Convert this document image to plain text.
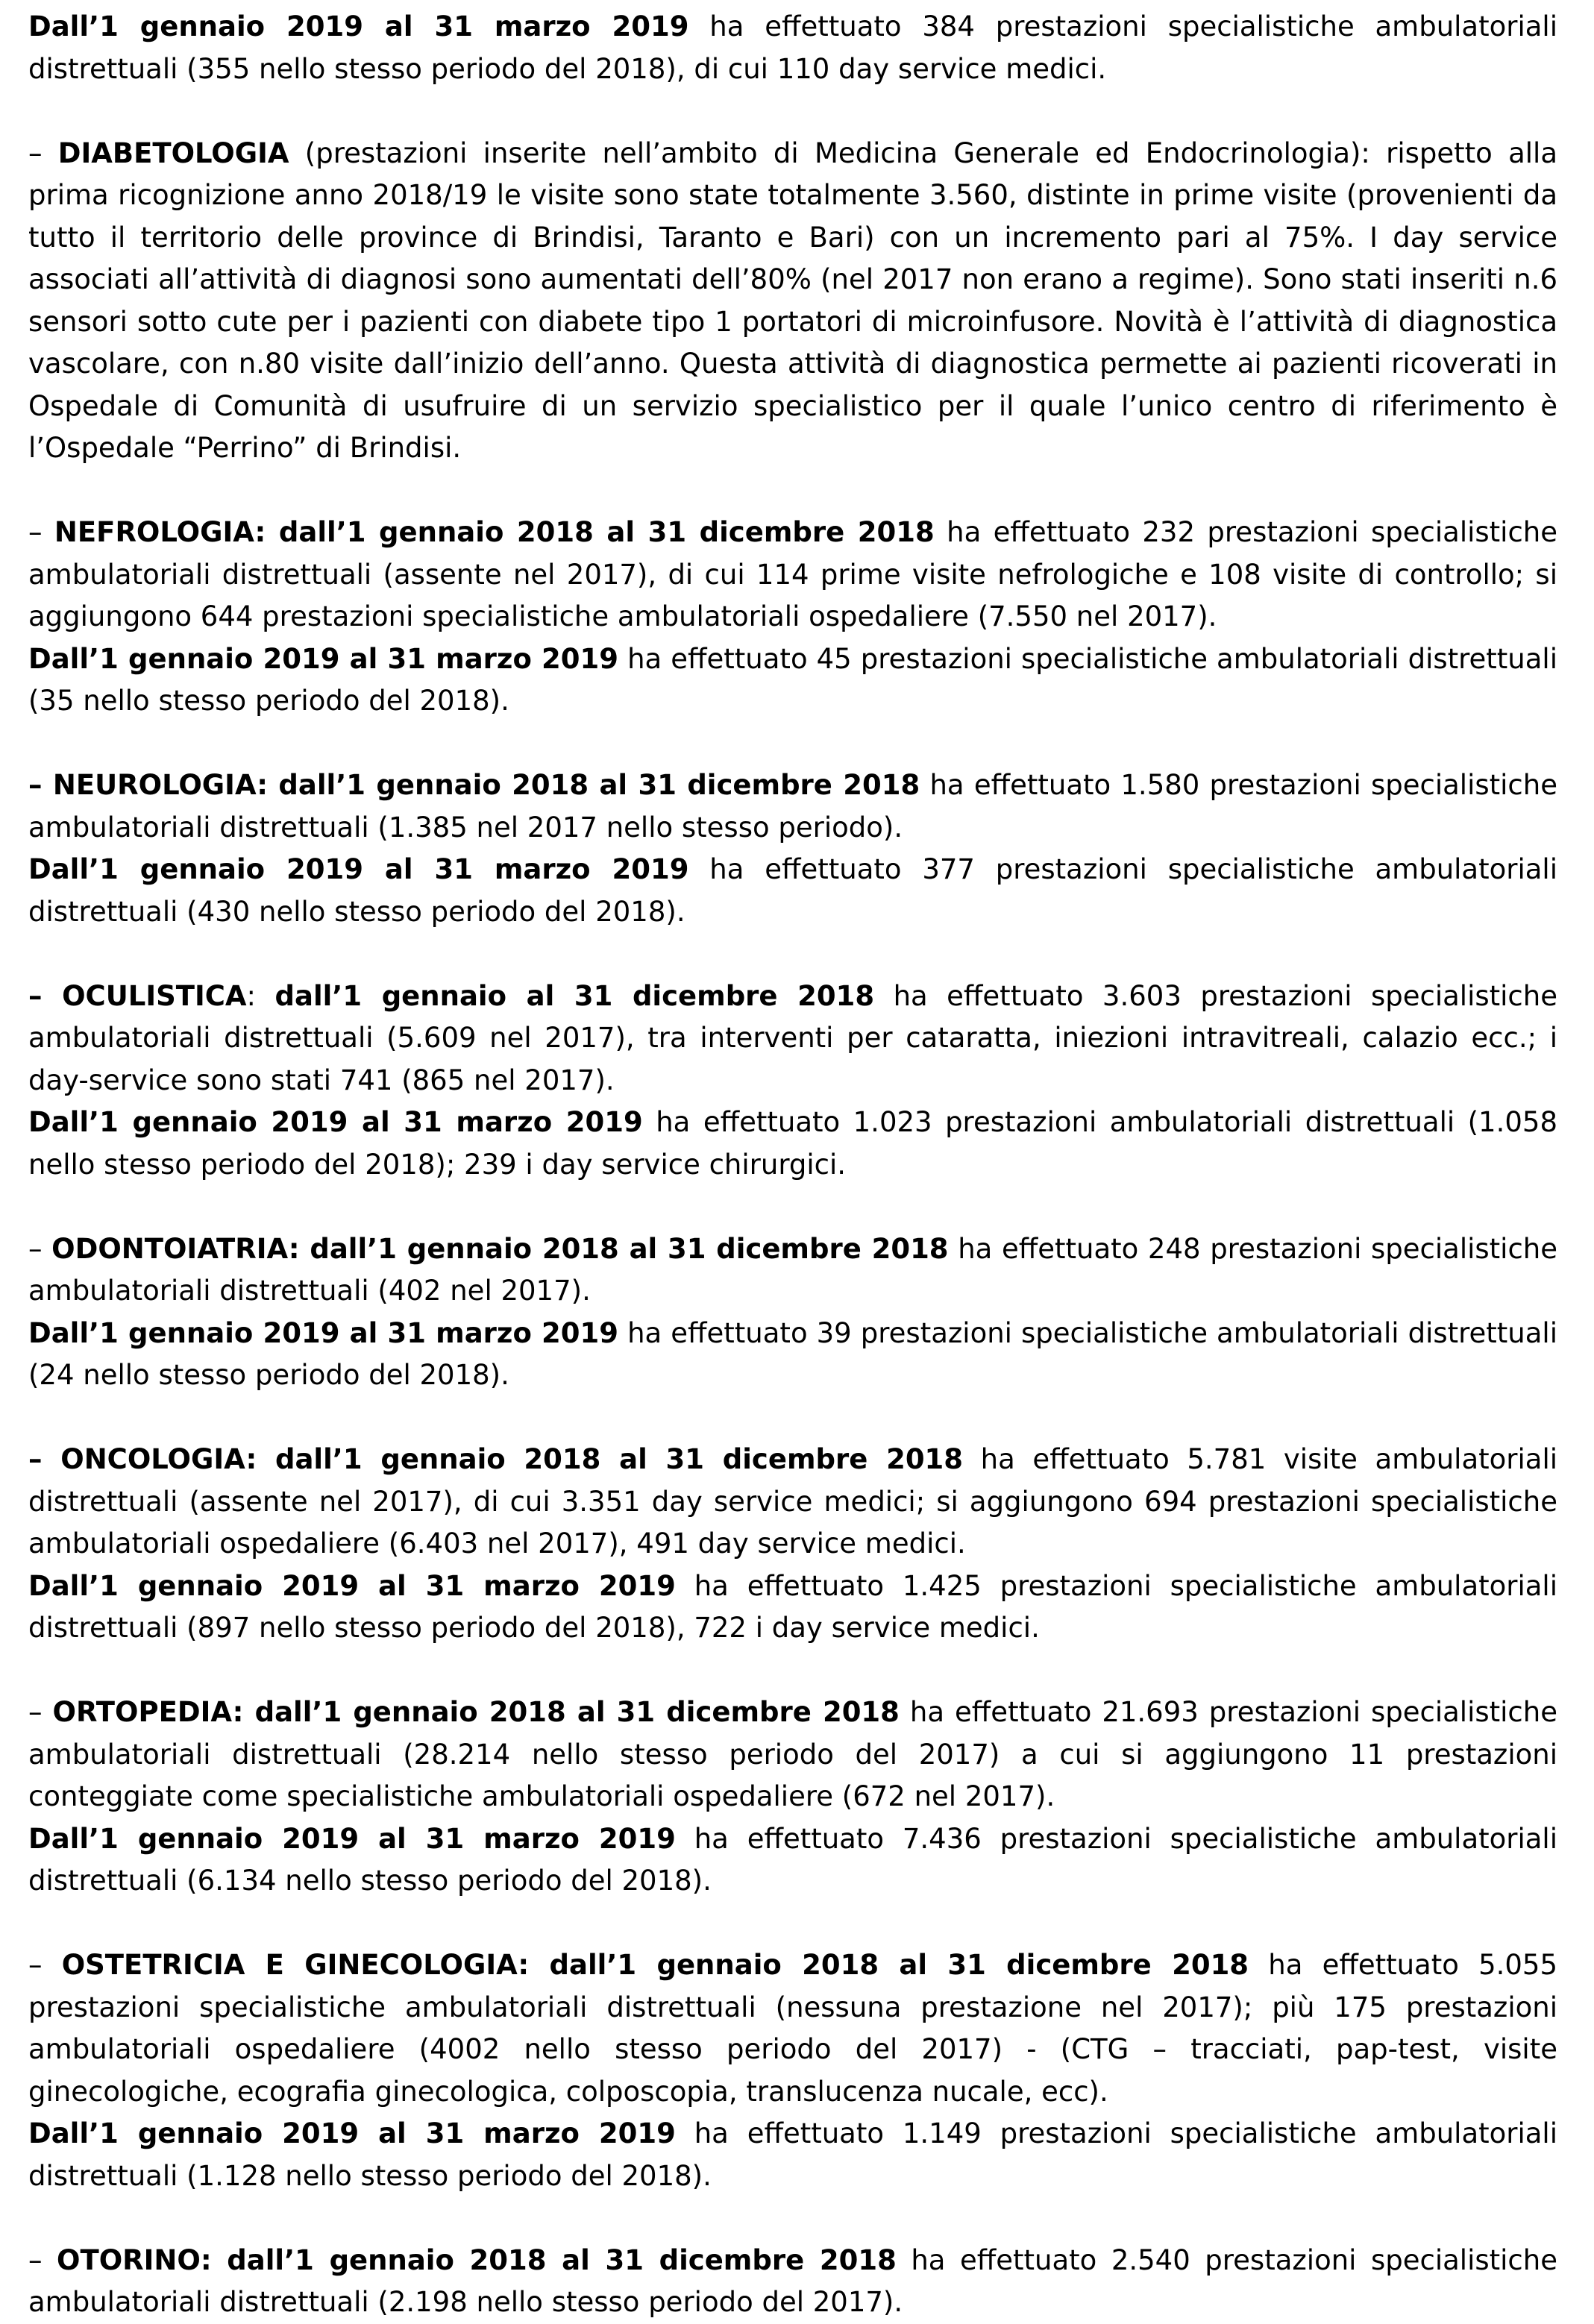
Dall’1 gennaio 2019 al 31 marzo 2019 ha effettuato 384 prestazioni specialistiche ambulatoriali distrettuali (355 nello stesso periodo del 2018), di cui 110 day service medici.

– DIABETOLOGIA (prestazioni inserite nell’ambito di Medicina Generale ed Endocrinologia): rispetto alla prima ricognizione anno 2018/19 le visite sono state totalmente 3.560, distinte in prime visite (provenienti da tutto il territorio delle province di Brindisi, Taranto e Bari) con un incremento pari al 75%. I day service associati all’attività di diagnosi sono aumentati dell’80% (nel 2017 non erano a regime). Sono stati inseriti n.6 sensori sotto cute per i pazienti con diabete tipo 1 portatori di microinfusore. Novità è l’attività di diagnostica vascolare, con n.80 visite dall’inizio dell’anno. Questa attività di diagnostica permette ai pazienti ricoverati in Ospedale di Comunità di usufruire di un servizio specialistico per il quale l’unico centro di riferimento è l’Ospedale “Perrino” di Brindisi.

– NEFROLOGIA: dall’1 gennaio 2018 al 31 dicembre 2018 ha effettuato 232 prestazioni specialistiche ambulatoriali distrettuali (assente nel 2017), di cui 114 prime visite nefrologiche e 108 visite di controllo; si aggiungono 644 prestazioni specialistiche ambulatoriali ospedaliere (7.550 nel 2017).

Dall’1 gennaio 2019 al 31 marzo 2019 ha effettuato 45 prestazioni specialistiche ambulatoriali distrettuali (35 nello stesso periodo del 2018).

– NEUROLOGIA: dall’1 gennaio 2018 al 31 dicembre 2018 ha effettuato 1.580 prestazioni specialistiche ambulatoriali distrettuali (1.385 nel 2017 nello stesso periodo).

Dall’1 gennaio 2019 al 31 marzo 2019 ha effettuato 377 prestazioni specialistiche ambulatoriali distrettuali (430 nello stesso periodo del 2018).

– OCULISTICA: dall’1 gennaio al 31 dicembre 2018 ha effettuato 3.603 prestazioni specialistiche ambulatoriali distrettuali (5.609 nel 2017), tra interventi per cataratta, iniezioni intravitreali, calazio ecc.; i day-service sono stati 741 (865 nel 2017).

Dall’1 gennaio 2019 al 31 marzo 2019 ha effettuato 1.023 prestazioni ambulatoriali distrettuali (1.058 nello stesso periodo del 2018); 239 i day service chirurgici.

– ODONTOIATRIA: dall’1 gennaio 2018 al 31 dicembre 2018 ha effettuato 248 prestazioni specialistiche ambulatoriali distrettuali (402 nel 2017).

Dall’1 gennaio 2019 al 31 marzo 2019 ha effettuato 39 prestazioni specialistiche ambulatoriali distrettuali (24 nello stesso periodo del 2018).

– ONCOLOGIA: dall’1 gennaio 2018 al 31 dicembre 2018 ha effettuato 5.781 visite ambulatoriali distrettuali (assente nel 2017), di cui 3.351 day service medici; si aggiungono 694 prestazioni specialistiche ambulatoriali ospedaliere (6.403 nel 2017), 491 day service medici.

Dall’1 gennaio 2019 al 31 marzo 2019 ha effettuato 1.425 prestazioni specialistiche ambulatoriali distrettuali (897 nello stesso periodo del 2018), 722 i day service medici.

– ORTOPEDIA: dall’1 gennaio 2018 al 31 dicembre 2018 ha effettuato 21.693 prestazioni specialistiche ambulatoriali distrettuali (28.214 nello stesso periodo del 2017) a cui si aggiungono 11 prestazioni conteggiate come specialistiche ambulatoriali ospedaliere (672 nel 2017).

Dall’1 gennaio 2019 al 31 marzo 2019 ha effettuato 7.436 prestazioni specialistiche ambulatoriali distrettuali (6.134 nello stesso periodo del 2018).

– OSTETRICIA E GINECOLOGIA: dall’1 gennaio 2018 al 31 dicembre 2018 ha effettuato 5.055 prestazioni specialistiche ambulatoriali distrettuali (nessuna prestazione nel 2017); più 175 prestazioni ambulatoriali ospedaliere (4002 nello stesso periodo del 2017) - (CTG – tracciati, pap-test, visite ginecologiche, ecografia ginecologica, colposcopia, translucenza nucale, ecc).

Dall’1 gennaio 2019 al 31 marzo 2019 ha effettuato 1.149 prestazioni specialistiche ambulatoriali distrettuali (1.128 nello stesso periodo del 2018).

– OTORINO: dall’1 gennaio 2018 al 31 dicembre 2018 ha effettuato 2.540 prestazioni specialistiche ambulatoriali distrettuali (2.198 nello stesso periodo del 2017).
